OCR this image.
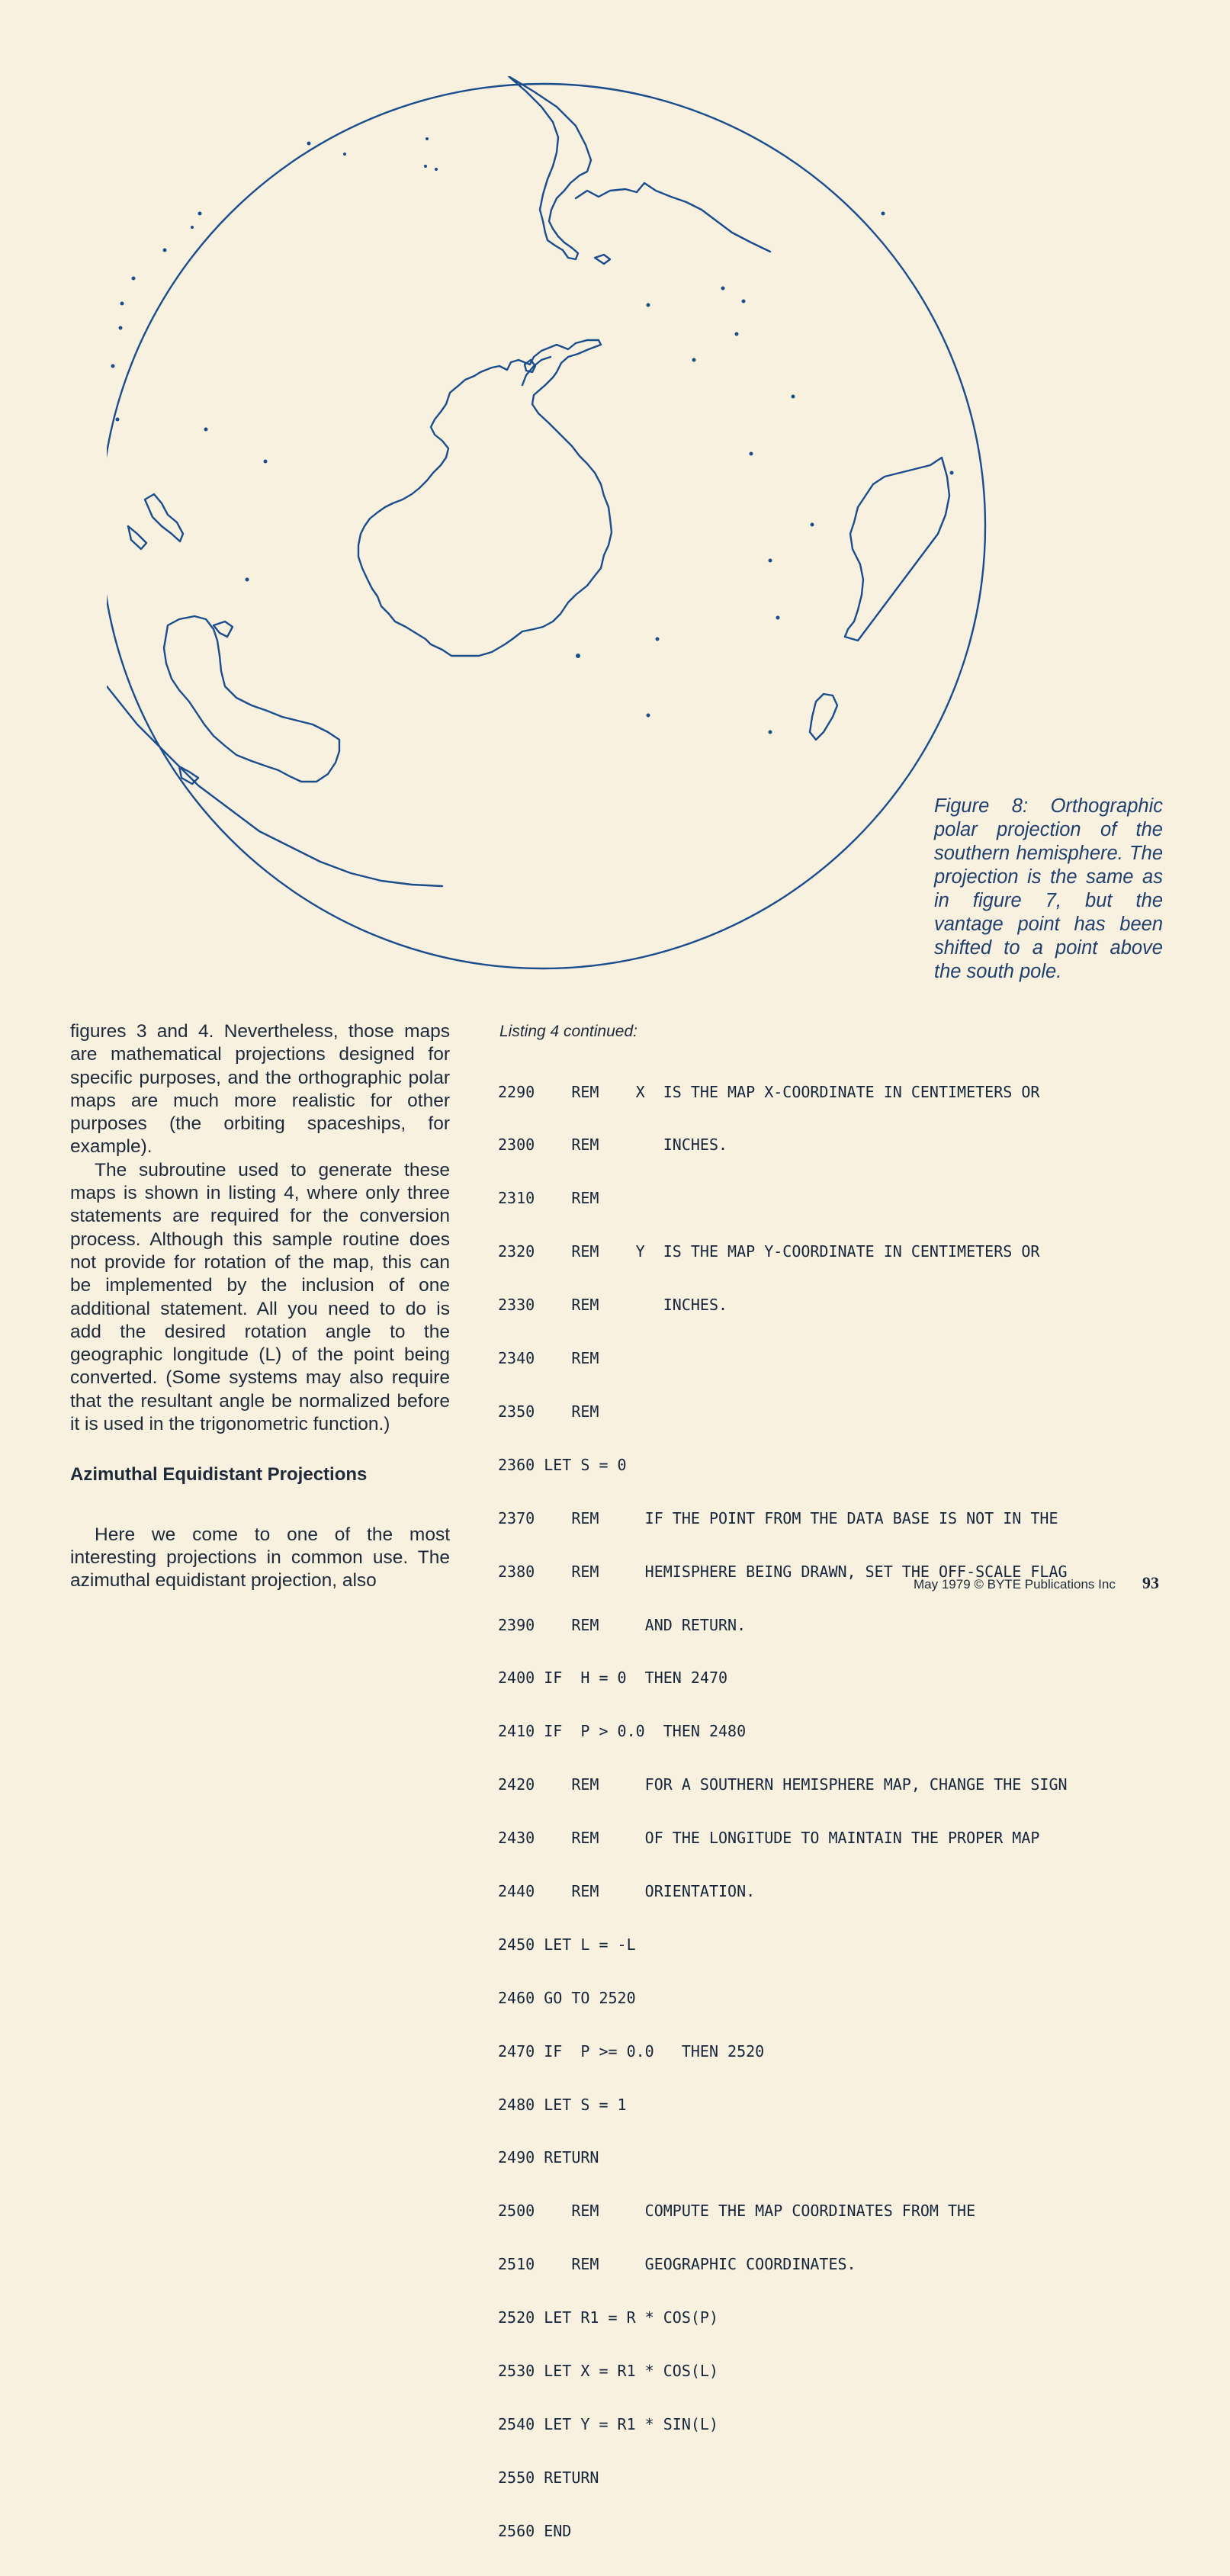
Figure 8: Orthographic polar projection of the southern hemisphere. The projection is the same as in figure 7, but the vantage point has been shifted to a point above the south pole.

figures 3 and 4. Nevertheless, those maps are mathematical projections designed for specific purposes, and the orthographic polar maps are much more realistic for other purposes (the orbiting spaceships, for example).

The subroutine used to generate these maps is shown in listing 4, where only three statements are required for the conversion process. Although this sample routine does not provide for rotation of the map, this can be implemented by the inclusion of one additional statement. All you need to do is add the desired rotation angle to the geographic longitude (L) of the point being converted. (Some systems may also require that the resultant angle be normalized before it is used in the trigonometric function.)

Azimuthal Equidistant Projections

Here we come to one of the most interesting projections in common use. The azimuthal equidistant projection, also

Listing 4 continued:

2290    REM    X  IS THE MAP X-COORDINATE IN CENTIMETERS OR

2300    REM       INCHES.

2310    REM

2320    REM    Y  IS THE MAP Y-COORDINATE IN CENTIMETERS OR

2330    REM       INCHES.

2340    REM

2350    REM

2360 LET S = 0

2370    REM     IF THE POINT FROM THE DATA BASE IS NOT IN THE

2380    REM     HEMISPHERE BEING DRAWN, SET THE OFF-SCALE FLAG

2390    REM     AND RETURN.

2400 IF  H = 0  THEN 2470

2410 IF  P > 0.0  THEN 2480

2420    REM     FOR A SOUTHERN HEMISPHERE MAP, CHANGE THE SIGN

2430    REM     OF THE LONGITUDE TO MAINTAIN THE PROPER MAP

2440    REM     ORIENTATION.

2450 LET L = -L

2460 GO TO 2520

2470 IF  P >= 0.0   THEN 2520

2480 LET S = 1

2490 RETURN

2500    REM     COMPUTE THE MAP COORDINATES FROM THE

2510    REM     GEOGRAPHIC COORDINATES.

2520 LET R1 = R * COS(P)

2530 LET X = R1 * COS(L)

2540 LET Y = R1 * SIN(L)

2550 RETURN

2560 END

May 1979 © BYTE Publications Inc 93
